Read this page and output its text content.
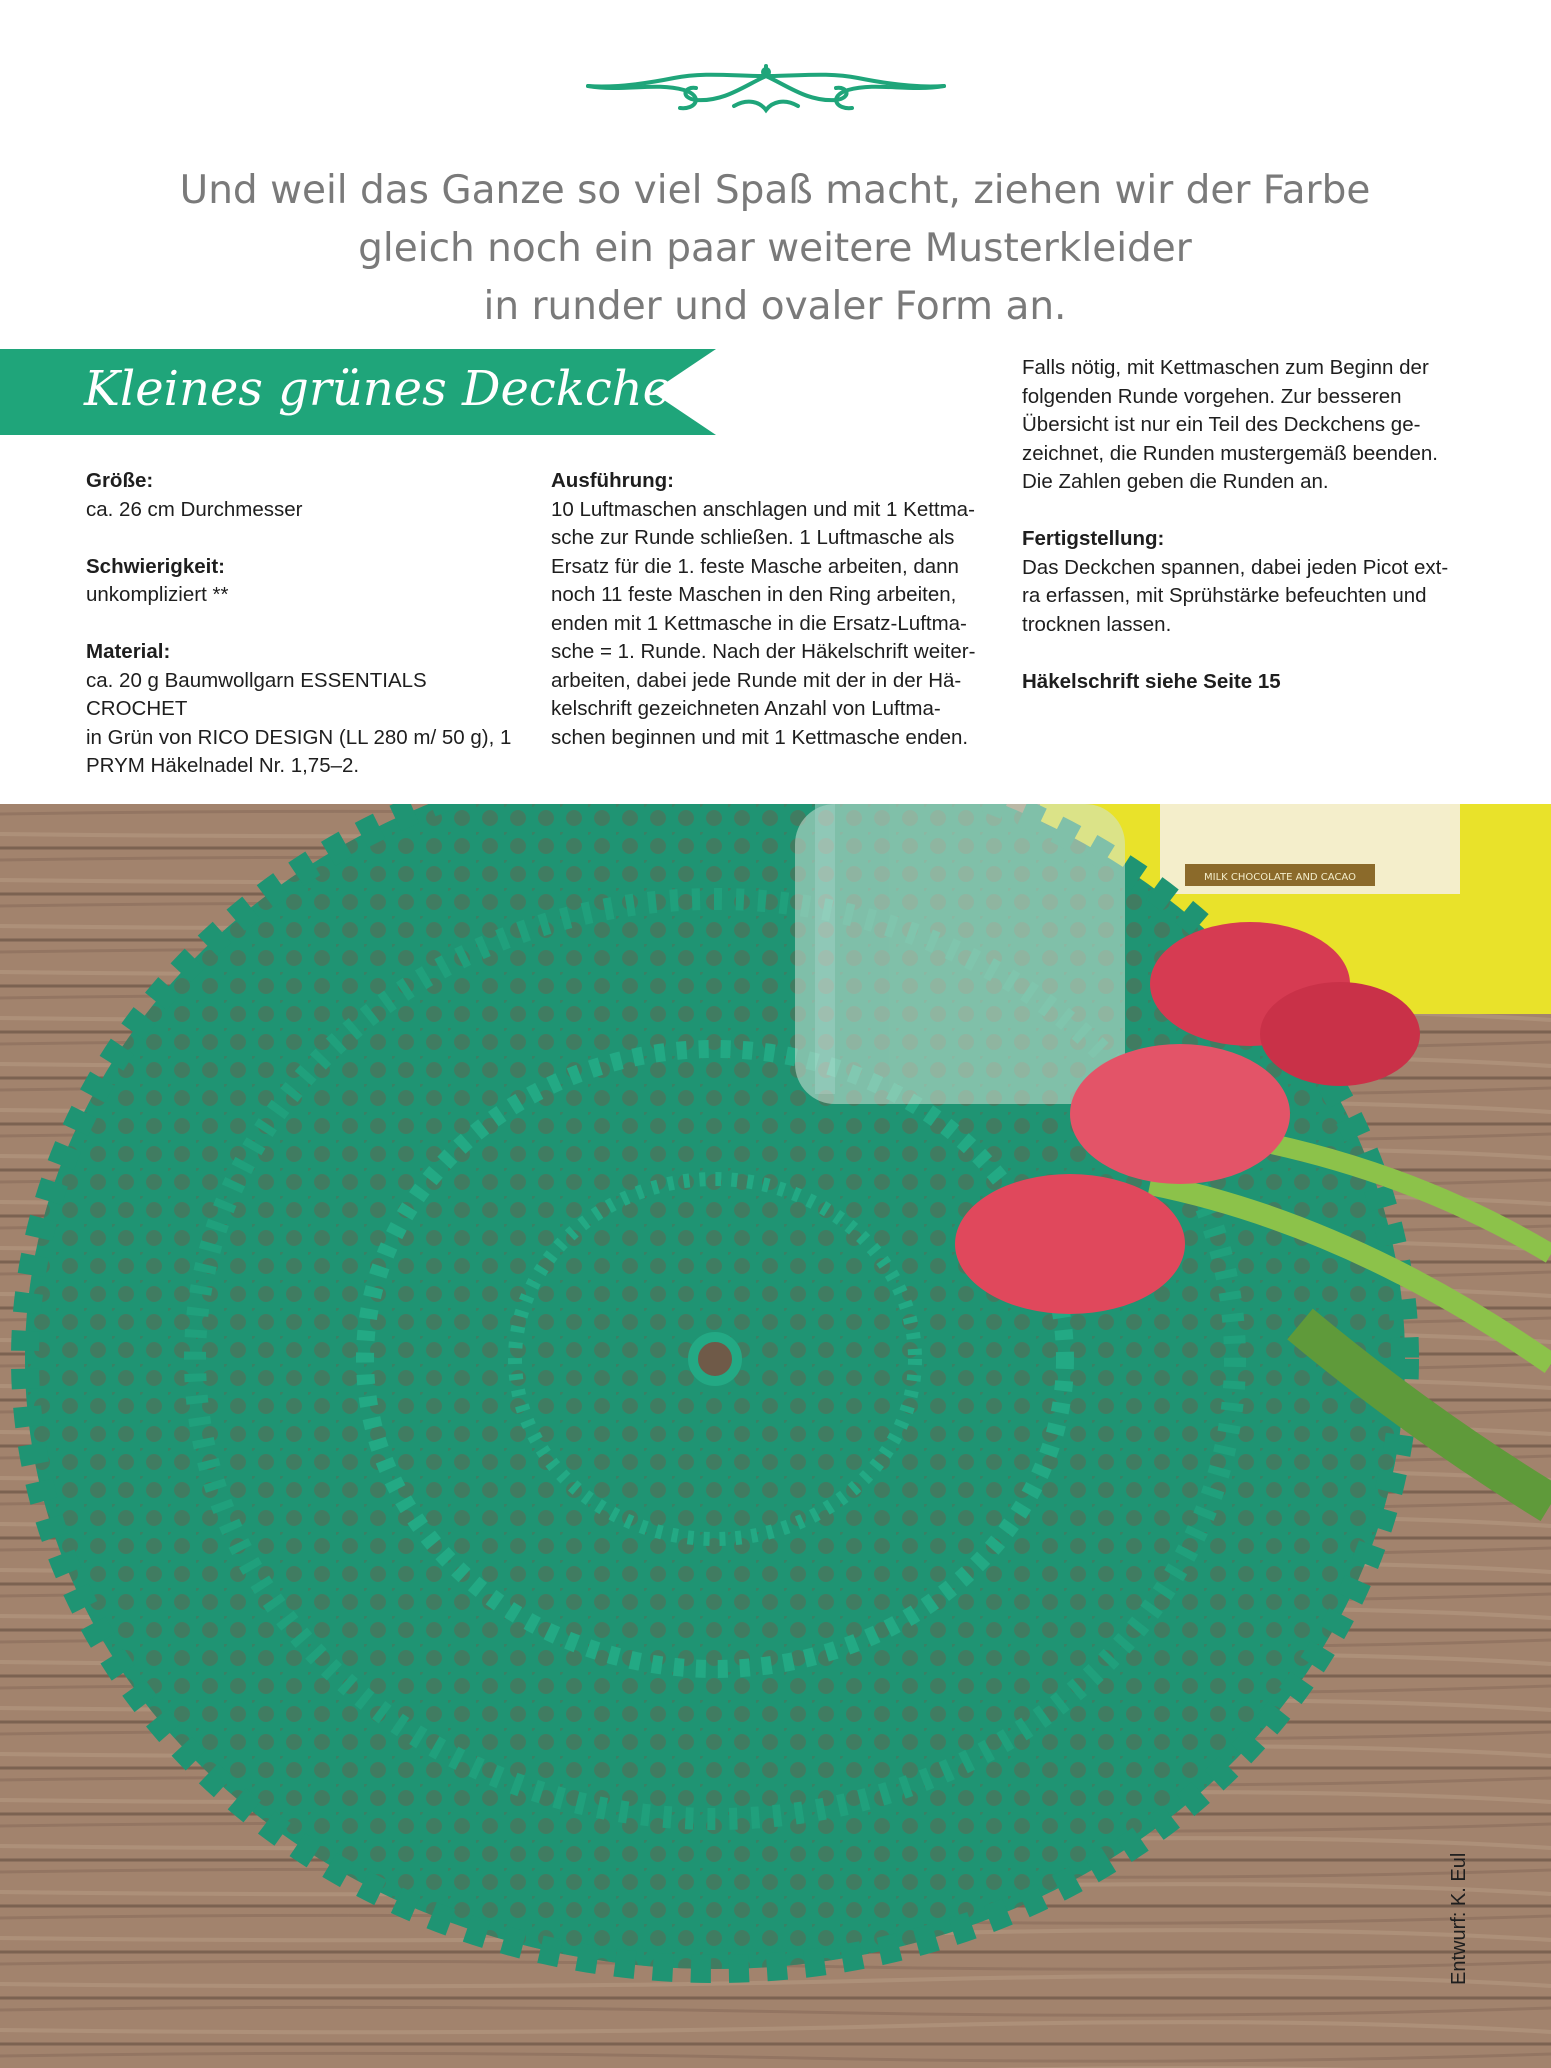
Und weil das Ganze so viel Spaß macht, ziehen wir der Farbe
gleich noch ein paar weitere Musterkleider
in runder und ovaler Form an.
Kleines grünes Deckchen
Größe:
ca. 26 cm Durchmesser
Schwierigkeit:
unkompliziert **
Material:
ca. 20 g Baumwollgarn ESSENTIALS CROCHET
in Grün von RICO DESIGN (LL 280 m/ 50 g), 1
PRYM Häkelnadel Nr. 1,75–2.
Ausführung:
10 Luftmaschen anschlagen und mit 1 Kettma-
sche zur Runde schließen. 1 Luftmasche als
Ersatz für die 1. feste Masche arbeiten, dann
noch 11 feste Maschen in den Ring arbeiten,
enden mit 1 Kettmasche in die Ersatz-Luftma-
sche = 1. Runde. Nach der Häkelschrift weiter-
arbeiten, dabei jede Runde mit der in der Hä-
kelschrift gezeichneten Anzahl von Luftma-
schen beginnen und mit 1 Kettmasche enden.
Falls nötig, mit Kettmaschen zum Beginn der
folgenden Runde vorgehen. Zur besseren
Übersicht ist nur ein Teil des Deckchens ge-
zeichnet, die Runden mustergemäß beenden.
Die Zahlen geben die Runden an.
Fertigstellung:
Das Deckchen spannen, dabei jeden Picot ext-
ra erfassen, mit Sprühstärke befeuchten und
trocknen lassen.
Häkelschrift siehe Seite 15
MILK CHOCOLATE AND CACAO
Entwurf: K. Eul
